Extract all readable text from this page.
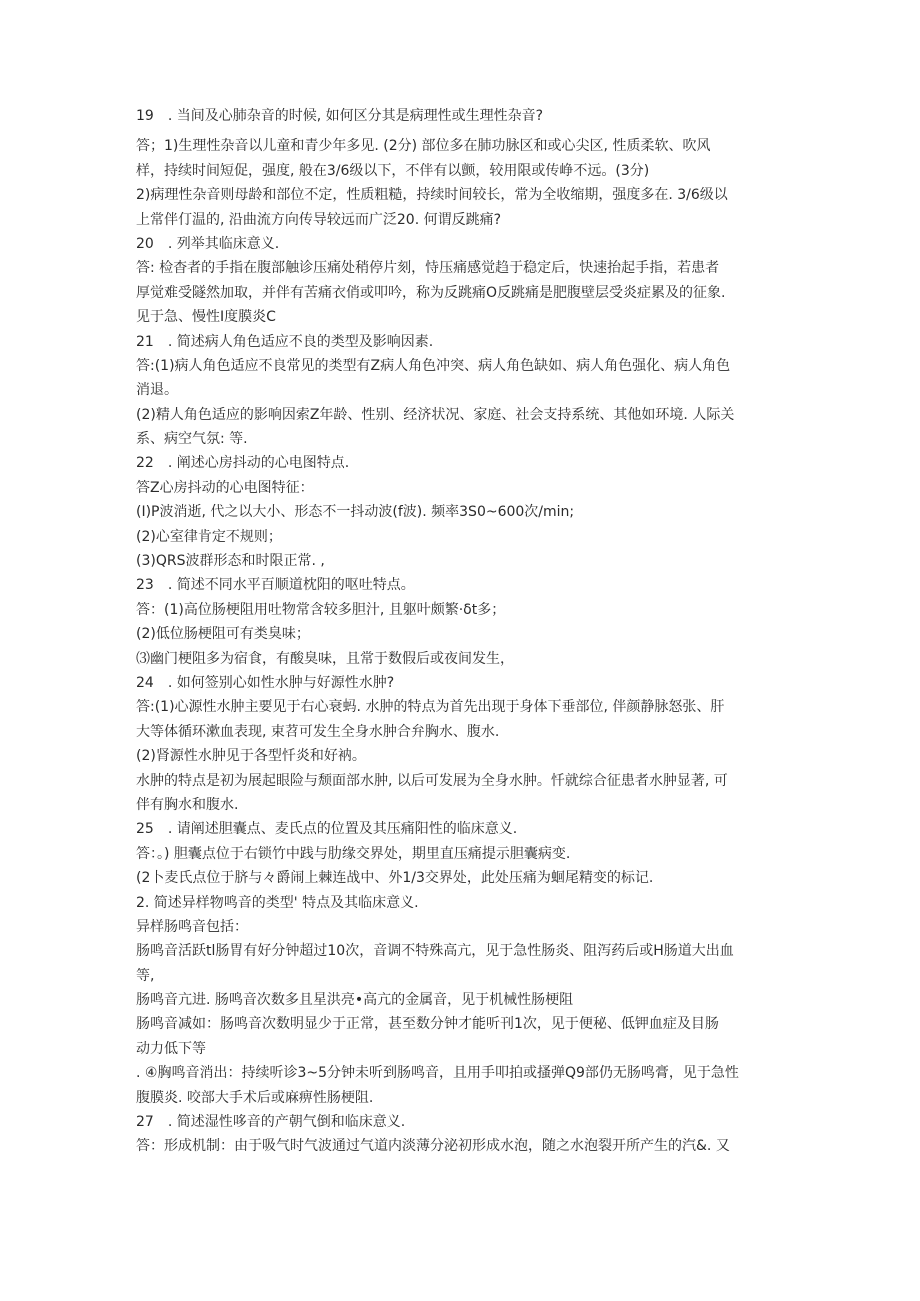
19　. 当间及心肺杂音的时候, 如何区分其是病理性或生理性杂音?
答；1)生理性杂音以儿童和青少年多见. (2分) 部位多在肺功脉区和或心尖区, 性质柔软、吹风
样，持续时间短促，强度, 般在3/6级以下，不伴有以颤，较用限或传峥不远。(3分)
2)病理性杂音则母龄和部位不定，性质粗糙，持续时间较长，常为全收缩期，强度多在. 3/6级以
上常伴仃温的, 沿曲流方向传导较远而广泛20. 何谓反跳痛?
20　. 列举其临床意义.
答: 检杳者的手指在腹部触诊压痛处稍停片刻，恃压痛感觉趋于稳定后，快速抬起手指，若患者
厚觉难受隧然加取，并伴有苦痛衣俏或叩吟，称为反跳痛O反跳痛是肥腹壁层受炎症累及的征象.
见于急、慢性I度膜炎C
21　. 简述病人角色适应不良的类型及影响因素.
答:(1)病人角色适应不良常见的类型有Z病人角色冲突、病人角色缺如、病人角色强化、病人角色
消退。
(2)精人角色适应的影响因索Z年龄、性别、经济状况、家庭、社会支持系统、其他如环境. 人际关
系、病空气氛: 等.
22　. 阐述心房抖动的心电图特点.
答Z心房抖动的心电图特征：
(I)P波消逝, 代之以大小、形态不一抖动波(f波). 频率3S0~600次/min;
(2)心室律肯定不规则；
(3)QRS波群形态和时限正常. ,
23　. 简述不同水平百顺道枕阳的呕吐特点。
答：(1)高位肠梗阻用吐物常含较多胆汁, 且躯叶颇繁·δt多；
(2)低位肠梗阻可有类臭味；
⑶幽门梗阻多为宿食，有酸臭味，且常于数假后或夜间发生，
24　. 如何签别心如性水肿与好源性水肿?
答:(1)心源性水肿主要见于右心衰蚂. 水肿的特点为首先出现于身体下垂部位, 伴颜静脉怒张、肝
大等体循环漱血表现, 束苕可发生全身水肿合弁胸水、腹水.
(2)肾源性水肿见于各型忏炎和好衲。
水肿的特点是初为展起眼险与颓面部水肿, 以后可发展为全身水肿。忏就综合征患者水肿显著, 可
伴有胸水和腹水.
25　. 请阐述胆囊点、麦氏点的位置及其压痛阳性的临床意义.
答：。) 胆囊点位于右锁竹中践与肋缘交界处，期里直压痛提示胆囊病变.
(2卜麦氏点位于脐与々爵闹上棘连战中、外1/3交界处，此处压痛为蛔尾精变的标记.
2. 简述异样物鸣音的类型' 特点及其临床意义.
异样肠鸣音包括：
肠鸣音活跃tl肠胃有好分钟超过10次，音调不特殊高亢，见于急性肠炎、阻泻药后或H肠道大出血
等,
肠鸣音亢进. 肠鸣音次数多且星洪亮•高亢的金属音，见于机械性肠梗阻
肠鸣音减如：肠鸣音次数明显少于正常，甚至数分钟才能听刊1次，见于便秘、低钾血症及目肠
动力低下等
. ④胸鸣音消出：持续听诊3~5分钟未听到肠鸣音，且用手叩拍或搔弹Q9部仍无肠鸣膏，见于急性
腹膜炎. 咬部大手术后或麻痹性肠梗阻.
27　. 简述湿性哆音的产朝气倒和临床意义.
答：形成机制：由于吸气时气波通过气道内淡薄分泌初形成水泡，随之水泡裂开所产生的汽&. 又
